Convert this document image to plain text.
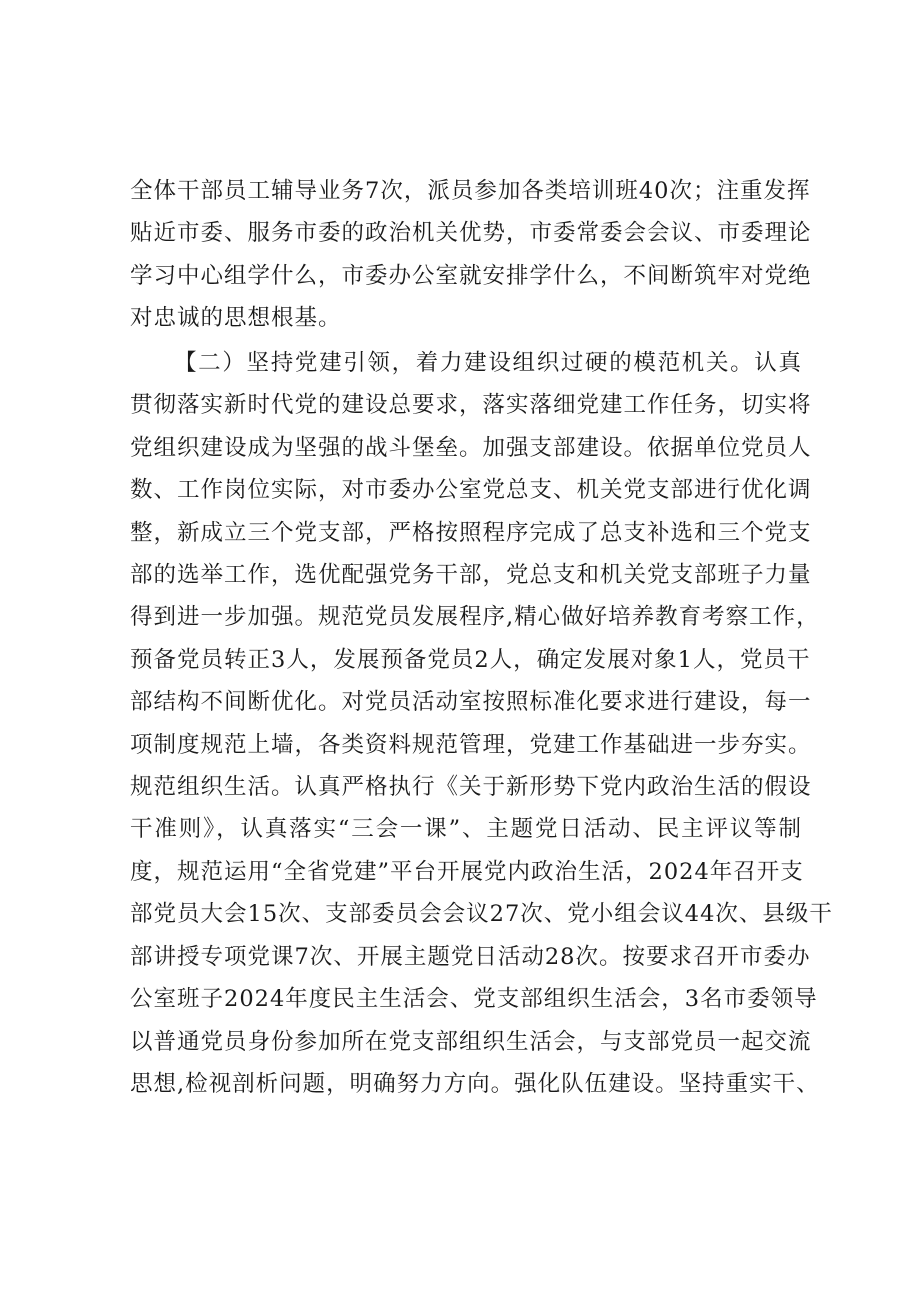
全体干部员工辅导业务7次，派员参加各类培训班40次；注重发挥
贴近市委、服务市委的政治机关优势，市委常委会会议、市委理论
学习中心组学什么，市委办公室就安排学什么，不间断筑牢对党绝
对忠诚的思想根基。
【二）坚持党建引领，着力建设组织过硬的模范机关。认真
贯彻落实新时代党的建设总要求，落实落细党建工作任务，切实将
党组织建设成为坚强的战斗堡垒。加强支部建设。依据单位党员人
数、工作岗位实际，对市委办公室党总支、机关党支部进行优化调
整，新成立三个党支部，严格按照程序完成了总支补选和三个党支
部的选举工作，选优配强党务干部，党总支和机关党支部班子力量
得到进一步加强。规范党员发展程序,精心做好培养教育考察工作，
预备党员转正3人，发展预备党员2人，确定发展对象1人，党员干
部结构不间断优化。对党员活动室按照标准化要求进行建设，每一
项制度规范上墙，各类资料规范管理，党建工作基础进一步夯实。
规范组织生活。认真严格执行《关于新形势下党内政治生活的假设
干准则》，认真落实“三会一课”、主题党日活动、民主评议等制
度，规范运用“全省党建”平台开展党内政治生活，2024年召开支
部党员大会15次、支部委员会会议27次、党小组会议44次、县级干
部讲授专项党课7次、开展主题党日活动28次。按要求召开市委办
公室班子2024年度民主生活会、党支部组织生活会，3名市委领导
以普通党员身份参加所在党支部组织生活会，与支部党员一起交流
思想,检视剖析问题，明确努力方向。强化队伍建设。坚持重实干、
